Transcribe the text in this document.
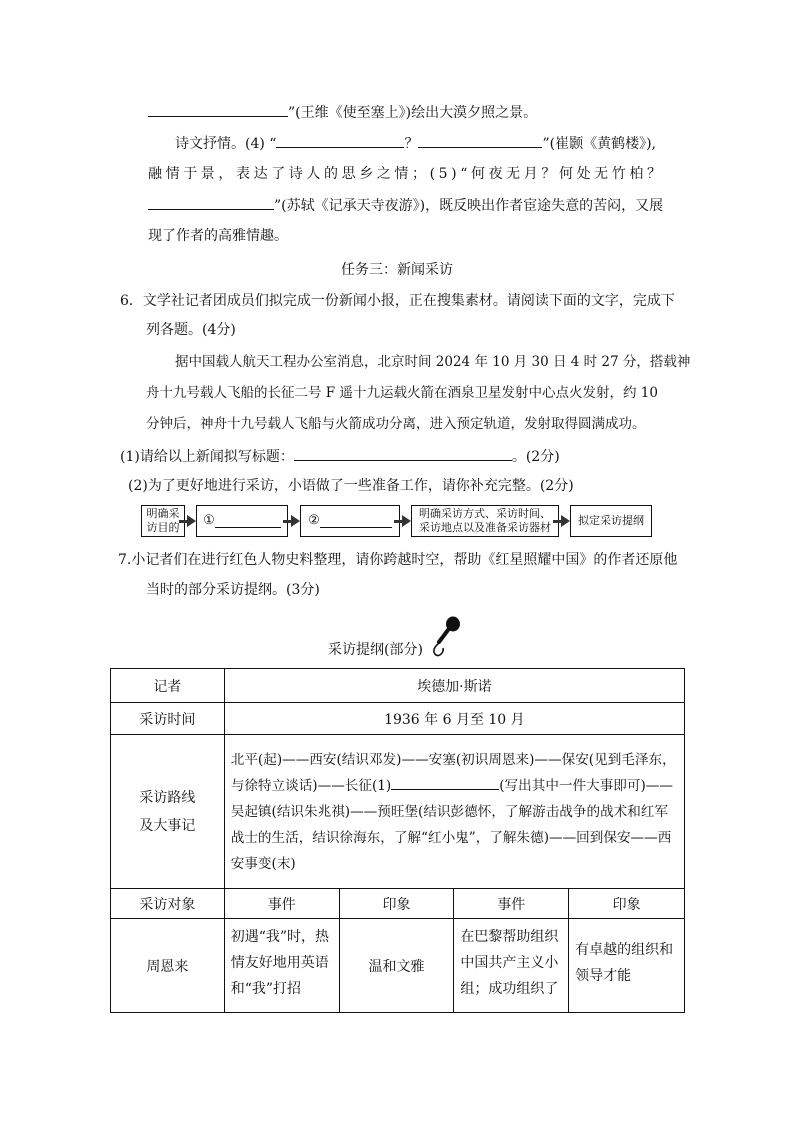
”(王维《使至塞上》)绘出大漠夕照之景。
诗文抒情。(4) “	？	”(崔颢《黄鹤楼》),
融情于景，表达了诗人的思乡之情；(5)“何夜无月？何处无竹柏？
”(苏轼《记承天寺夜游》)，既反映出作者宦途失意的苦闷，又展
现了作者的高雅情趣。
任务三：新闻采访
6．文学社记者团成员们拟完成一份新闻小报，正在搜集素材。请阅读下面的文字，完成下
列各题。(4分)
据中国载人航天工程办公室消息，北京时间 2024 年 10 月 30 日 4 时 27 分，搭载神
舟十九号载人飞船的长征二号 F 遥十九运载火箭在酒泉卫星发射中心点火发射，约 10
分钟后，神舟十九号载人飞船与火箭成功分离，进入预定轨道，发射取得圆满成功。
(1)请给以上新闻拟写标题：	。(2分)
(2)为了更好地进行采访，小语做了一些准备工作，请你补充完整。(2分)
明确采
访目的 ①	②	明确采访方式、采访时间、
采访地点以及准备采访器材
拟定采访提纲
7.小记者们在进行红色人物史料整理，请你跨越时空，帮助《红星照耀中国》的作者还原他
当时的部分采访提纲。(3分)
采访提纲(部分)
记者	埃德加·斯诺			
采访时间	1936 年 6 月至 10 月			
采访路线
及大事记	北平(起)——西安(结识邓发)——安塞(初识周恩来)——保安(见到毛泽东，与徐特立谈话)——长征(1) (写出其中一件大事即可)——吴起镇(结识朱兆祺)——预旺堡(结识彭德怀，了解游击战争的战术和红军战士的生活，结识徐海东，了解“红小鬼”，了解朱德)——回到保安——西安事变(末)			
采访对象	事件	印象	事件	印象
周恩来	初遇“我”时，热情友好地用英语和“我”打招	温和文雅	在巴黎帮助组织中国共产主义小组；成功组织了	有卓越的组织和领导才能
